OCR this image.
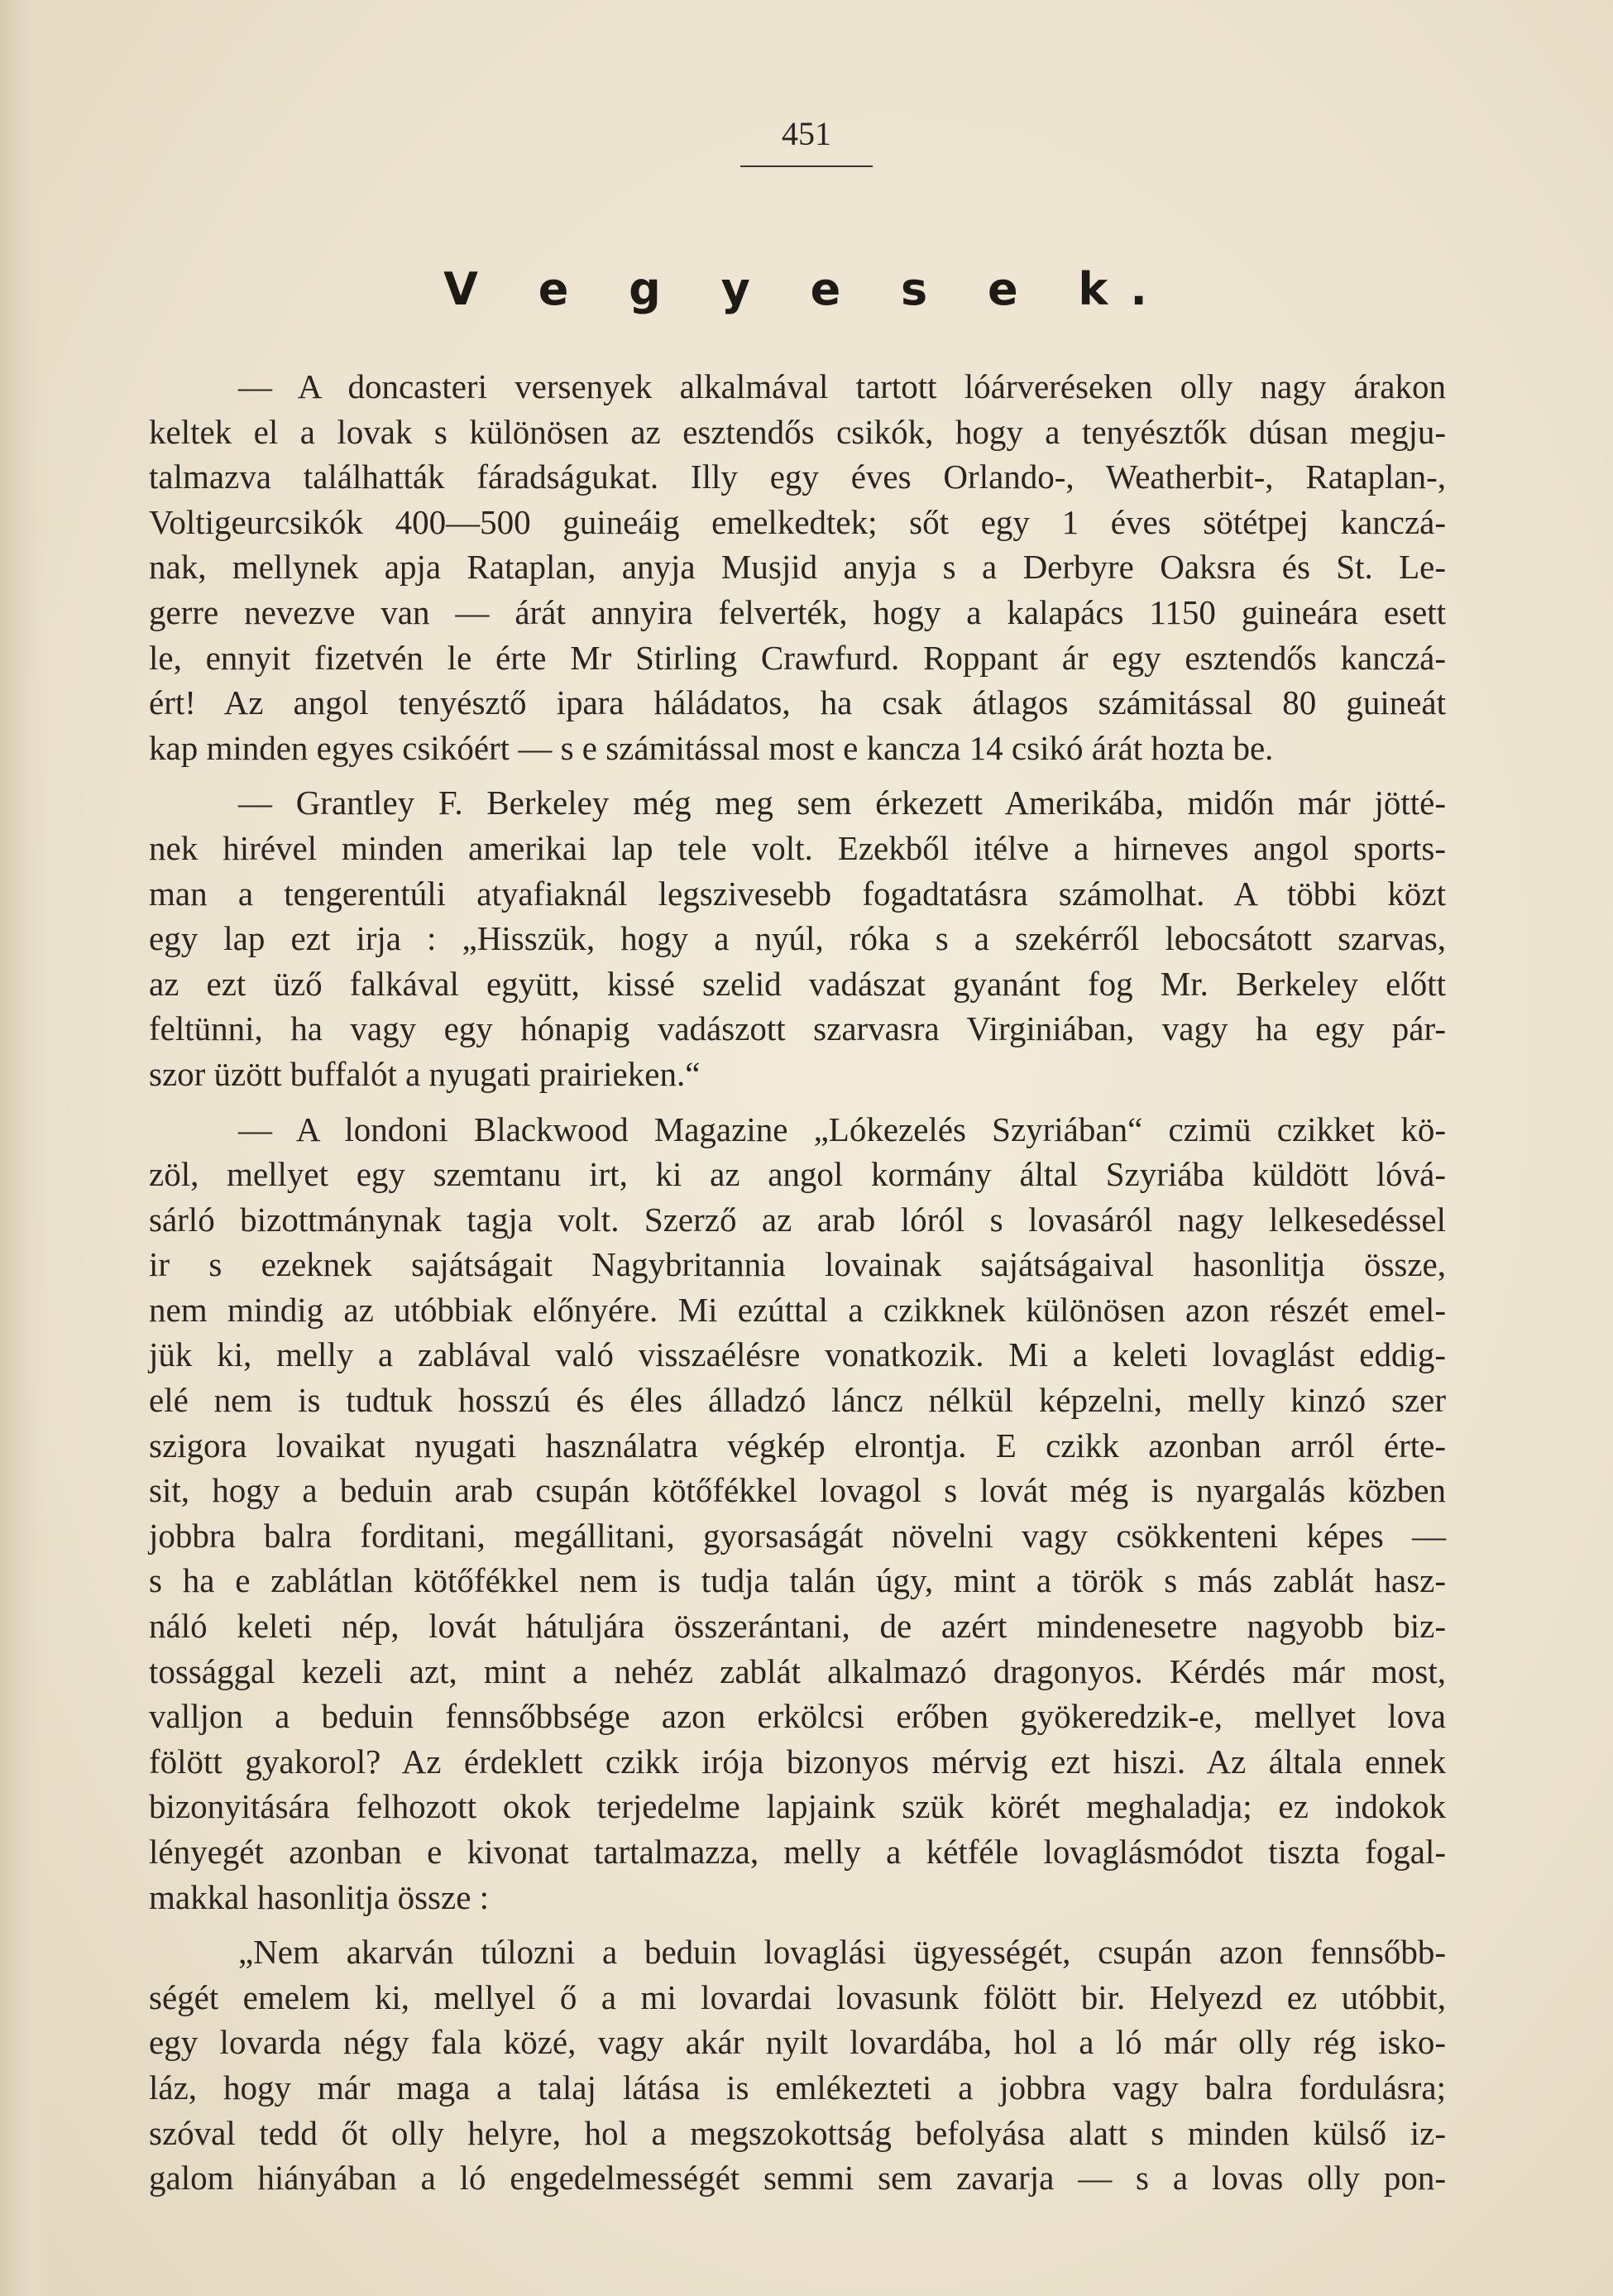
451
V e g y e s e k.
— A doncasteri versenyek alkalmával tartott lóárveréseken olly nagy árakon
keltek el a lovak s különösen az esztendős csikók, hogy a tenyésztők dúsan megju-
talmazva találhatták fáradságukat. Illy egy éves Orlando-, Weatherbit-, Rataplan-,
Voltigeurcsikók 400—500 guineáig emelkedtek; sőt egy 1 éves sötétpej kanczá-
nak, mellynek apja Rataplan, anyja Musjid anyja s a Derbyre Oaksra és St. Le-
gerre nevezve van — árát annyira felverték, hogy a kalapács 1150 guineára esett
le, ennyit fizetvén le érte Mr Stirling Crawfurd. Roppant ár egy esztendős kanczá-
ért! Az angol tenyésztő ipara háládatos, ha csak átlagos számitással 80 guineát
kap minden egyes csikóért — s e számitással most e kancza 14 csikó árát hozta be.
— Grantley F. Berkeley még meg sem érkezett Amerikába, midőn már jötté-
nek hirével minden amerikai lap tele volt. Ezekből itélve a hirneves angol sports-
man a tengerentúli atyafiaknál legszivesebb fogadtatásra számolhat. A többi közt
egy lap ezt irja : „Hisszük, hogy a nyúl, róka s a szekérről lebocsátott szarvas,
az ezt üző falkával együtt, kissé szelid vadászat gyanánt fog Mr. Berkeley előtt
feltünni, ha vagy egy hónapig vadászott szarvasra Virginiában, vagy ha egy pár-
szor üzött buffalót a nyugati prairieken.“
— A londoni Blackwood Magazine „Lókezelés Szyriában“ czimü czikket kö-
zöl, mellyet egy szemtanu irt, ki az angol kormány által Szyriába küldött lóvá-
sárló bizottmánynak tagja volt. Szerző az arab lóról s lovasáról nagy lelkesedéssel
ir s ezeknek sajátságait Nagybritannia lovainak sajátságaival hasonlitja össze,
nem mindig az utóbbiak előnyére. Mi ezúttal a czikknek különösen azon részét emel-
jük ki, melly a zablával való visszaélésre vonatkozik. Mi a keleti lovaglást eddig-
elé nem is tudtuk hosszú és éles álladzó láncz nélkül képzelni, melly kinzó szer
szigora lovaikat nyugati használatra végkép elrontja. E czikk azonban arról érte-
sit, hogy a beduin arab csupán kötőfékkel lovagol s lovát még is nyargalás közben
jobbra balra forditani, megállitani, gyorsaságát növelni vagy csökkenteni képes —
s ha e zablátlan kötőfékkel nem is tudja talán úgy, mint a török s más zablát hasz-
náló keleti nép, lovát hátuljára összerántani, de azért mindenesetre nagyobb biz-
tossággal kezeli azt, mint a nehéz zablát alkalmazó dragonyos. Kérdés már most,
valljon a beduin fennsőbbsége azon erkölcsi erőben gyökeredzik-e, mellyet lova
fölött gyakorol? Az érdeklett czikk irója bizonyos mérvig ezt hiszi. Az általa ennek
bizonyitására felhozott okok terjedelme lapjaink szük körét meghaladja; ez indokok
lényegét azonban e kivonat tartalmazza, melly a kétféle lovaglásmódot tiszta fogal-
makkal hasonlitja össze :
„Nem akarván túlozni a beduin lovaglási ügyességét, csupán azon fennsőbb-
ségét emelem ki, mellyel ő a mi lovardai lovasunk fölött bir. Helyezd ez utóbbit,
egy lovarda négy fala közé, vagy akár nyilt lovardába, hol a ló már olly rég isko-
láz, hogy már maga a talaj látása is emlékezteti a jobbra vagy balra fordulásra;
szóval tedd őt olly helyre, hol a megszokottság befolyása alatt s minden külső iz-
galom hiányában a ló engedelmességét semmi sem zavarja — s a lovas olly pon-
